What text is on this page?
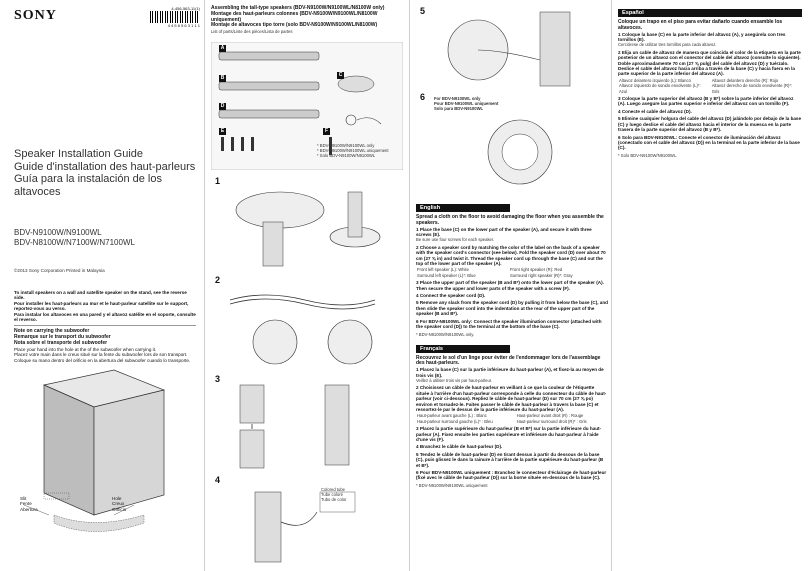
SONY	4-456-563-11(1)
4 4 5 6 5 6 3 1 1 1
Speaker Installation Guide
Guide d'installation des haut-parleurs
Guía para la instalación de los altavoces
BDV-N9100W/N9100WL
BDV-N8100W/N7100W/N7100WL
©2013 Sony Corporation Printed in Malaysia
To install speakers on a wall and satellite speaker on the stand, see the reverse side.
Pour installer les haut-parleurs au mur et le haut-parleur satellite sur le support, reportez-vous au verso.
Para instalar los altavoces en una pared y el altavoz satélite en el soporte, consulte el reverso.
Note on carrying the subwoofer
Remarque sur le transport du subwoofer
Nota sobre el transporte del subwoofer
Place your hand into the hole at the of the subwoofer when carrying it.
Placez votre main dans le creux situé sur la fente du subwoofer lors de son transport.
Coloque su mano dentro del orificio en la abertura del subwoofer cuando lo transporte.
Slit
Fente
Abertura
Hole
Creux
Orificio
Assembling the tall-type speakers (BDV-N9100W/N9100WL/N8100W only)
Montage des haut-parleurs colonnes (BDV-N9100W/N9100WL/N8100W uniquement)
Montaje de altavoces tipo torre (solo BDV-N9100W/N9100WL/N8100W)
List of parts/Liste des pièces/Lista de partes
A
B	C
D
E	F
* BDV-N9100W/N9100WL only
* BDV-N9100W/N9100WL uniquement
* Solo BDV-N9100W/N9100WL
1
2
3
4
Colored tube
Tube coloré
Tubo de color
5
6 For BDV-N9100WL only
Pour BDV-N9100WL uniquement
Solo para BDV-N9100WL
English
Spread a cloth on the floor to avoid damaging the floor when you assemble the speakers.
1 Place the base (C) on the lower part of the speaker (A), and secure it with three screws (E).
Be sure use four screws for each speaker.
2 Choose a speaker cord by matching the color of the label on the back of a speaker with the speaker cord's connector (see below). Fold the speaker cord (D) over about 70 cm (27 ⅝ in) and twist it. Thread the speaker cord up through the base (C) and out the top of the lower part of the speaker (A).
Front left speaker (L): White	Front right speaker (R): Red
Surround left speaker (L)*: Blue	Surround right speaker (R)*: Gray
3 Place the upper part of the speaker (B and B*) onto the lower part of the speaker (A). Then secure the upper and lower parts of the speaker with a screw (F).
4 Connect the speaker cord (D).
5 Remove any slack from the speaker cord (D) by pulling it from below the base (C), and then slide the speaker cord into the indentation at the rear of the upper part of the speaker (B and B*).
6 For BDV-N9100WL only: Connect the speaker illumination connector (attached with the speaker cord (D)) to the terminal at the bottom of the base (C).
* BDV-N9100W/N9100WL only.
Français
Recouvrez le sol d'un linge pour éviter de l'endommager lors de l'assemblage des haut-parleurs.
1 Placez la base (C) sur la partie inférieure du haut-parleur (A), et fixez-la au moyen de trois vis (E).
Veillez à utiliser trois vis par haut-parleur.
2 Choisissez un câble de haut-parleur en veillant à ce que la couleur de l'étiquette située à l'arrière d'un haut-parleur corresponde à celle du connecteur du câble de haut-parleur (voir ci-dessous). Repliez le câble de haut-parleur (D) sur 70 cm (27 ⅝ po) environ et torsadez-le. Faites passer le câble de haut-parleur à travers la base (C) et ressortez-le par le dessus de la partie inférieure du haut-parleur (A).
Haut-parleur avant gauche (L) : Blanc	Haut-parleur avant droit (R) : Rouge
Haut-parleur surround gauche (L)* : Bleu	Haut-parleur surround droit (R)* : Gris
3 Placez la partie supérieure du haut-parleur (B et B*) sur la partie inférieure du haut-parleur (A). Fixez ensuite les parties supérieure et inférieure du haut-parleur à l'aide d'une vis (F).
4 Branchez le câble de haut-parleur (D).
5 Tendez le câble de haut-parleur (D) en tirant dessus à partir du dessous de la base (C), puis glissez le dans la rainure à l'arrière de la partie supérieure du haut-parleur (B et B*).
6 Pour BDV-N9100WL uniquement : Branchez le connecteur d'éclairage de haut-parleur (fixé avec le câble de haut-parleur (D)) sur la borne située en-dessous de la base (C).
* BDV-N9100W/N9100WL uniquement
Español
Coloque un trapo en el piso para evitar dañarlo cuando ensamble los altavoces.
1 Coloque la base (C) en la parte inferior del altavoz (A), y asegúrela con tres tornillos (E).
Cerciórese de utilizar tres tornillos para cada altavoz.
2 Elija un cable de altavoz de manera que coincida el color de la etiqueta en la parte posterior de un altavoz con el conector del cable del altavoz (consulte lo siguiente). Doble aproximadamente 70 cm (27 ⅝ pulg) del cable del altavoz (D) y tuérzalo. Deslice el cable del altavoz hacia arriba a través de la base (C) y hacia fuera en la parte superior de la parte inferior del altavoz (A).
Altavoz delantero izquierdo (L): Blanco	Altavoz delantero derecho (R): Rojo
Altavoz izquierdo de sonido envolvente (L)*: Azul	Altavoz derecho de sonido envolvente (R)*: Gris
3 Coloque la parte superior del altavoz (B y B*) sobre la parte inferior del altavoz (A). Luego asegure las partes superior e inferior del altavoz con un tornillo (F).
4 Conecte el cable del altavoz (D).
5 Elimine cualquier holgura del cable del altavoz (D) jalándolo por debajo de la base (C) y luego deslice el cable del altavoz hacia el interior de la muesca en la parte trasera de la parte superior del altavoz (B y B*).
6 Solo para BDV-N9100WL: Conecte el conector de iluminación del altavoz (conectado con el cable del altavoz (D)) en la terminal en la parte inferior de la base (C).
* Solo BDV-N9100W/N9100WL.
